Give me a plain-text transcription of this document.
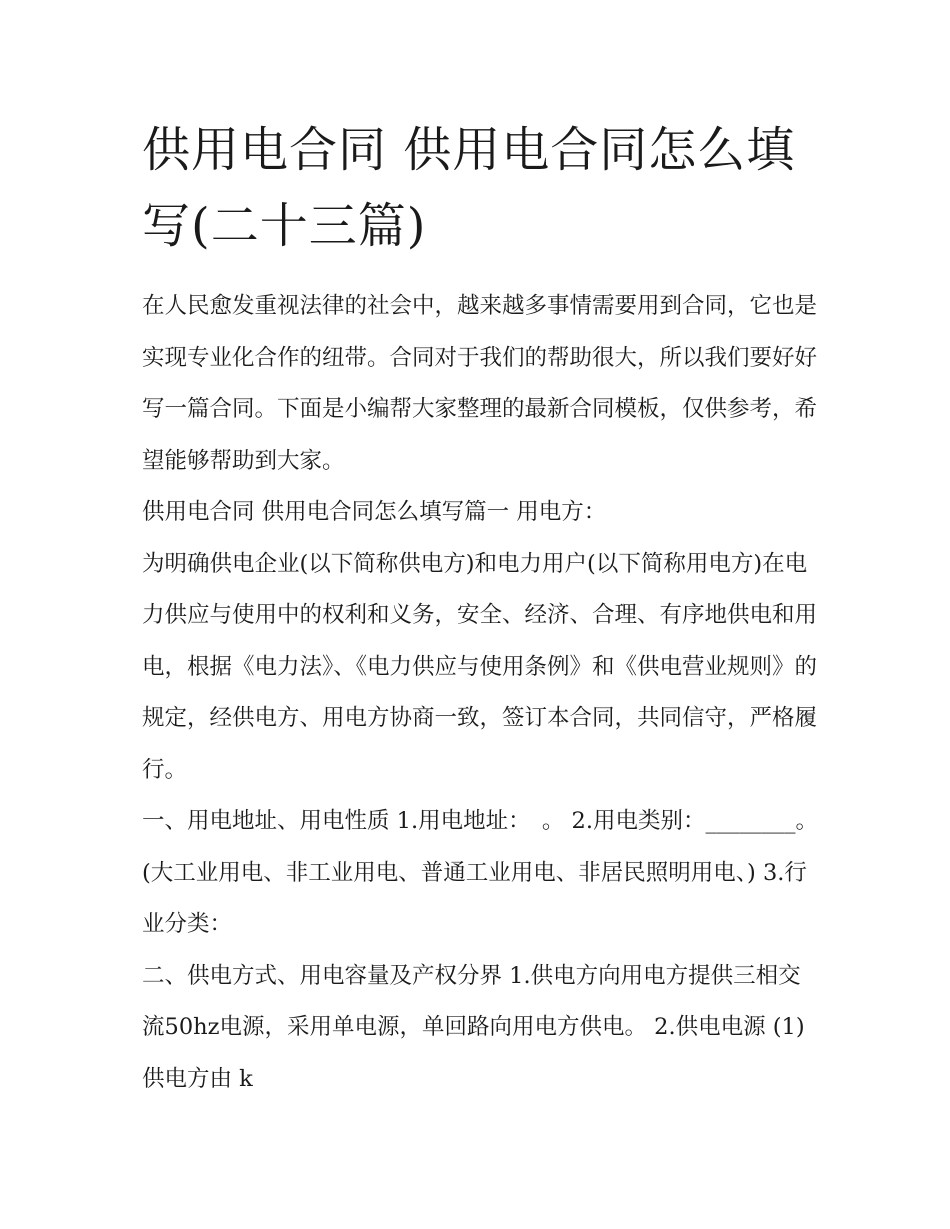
供用电合同 供用电合同怎么填写(二十三篇)

在人民愈发重视法律的社会中，越来越多事情需要用到合同，它也是实现专业化合作的纽带。合同对于我们的帮助很大，所以我们要好好写一篇合同。下面是小编帮大家整理的最新合同模板，仅供参考，希望能够帮助到大家。

供用电合同 供用电合同怎么填写篇一 用电方：

为明确供电企业(以下简称供电方)和电力用户(以下简称用电方)在电力供应与使用中的权利和义务，安全、经济、合理、有序地供电和用电，根据《电力法》、《电力供应与使用条例》和《供电营业规则》的规定，经供电方、用电方协商一致，签订本合同，共同信守，严格履行。

一、用电地址、用电性质 1.用电地址：　。 2.用电类别：________。(大工业用电、非工业用电、普通工业用电、非居民照明用电、) 3.行业分类：

二、供电方式、用电容量及产权分界 1.供电方向用电方提供三相交流50hz电源，采用单电源，单回路向用电方供电。 2.供电电源 (1)供电方由 k
